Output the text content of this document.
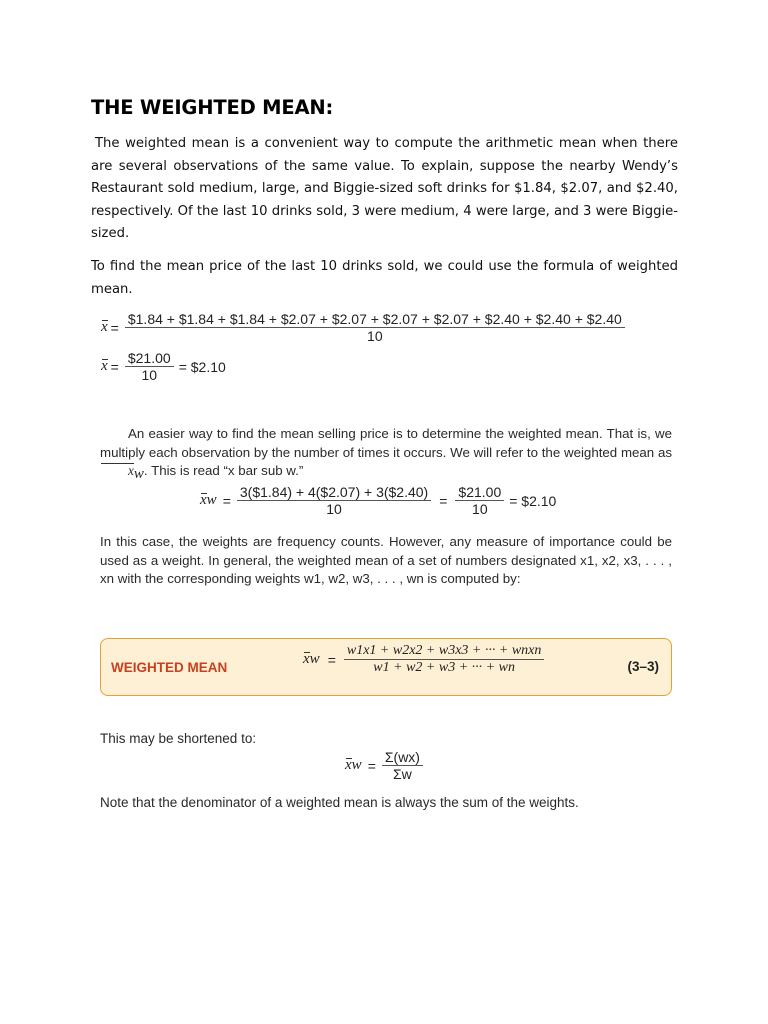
THE WEIGHTED MEAN:

The weighted mean is a convenient way to compute the arithmetic mean when there are several observations of the same value. To explain, suppose the nearby Wendy’s Restaurant sold medium, large, and Biggie-sized soft drinks for $1.84, $2.07, and $2.40, respectively. Of the last 10 drinks sold, 3 were medium, 4 were large, and 3 were Biggie-sized.

To find the mean price of the last 10 drinks sold, we could use the formula of weighted mean.

x =
$1.84 + $1.84 + $1.84 + $2.07 + $2.07 + $2.07 + $2.07 + $2.40 + $2.40 + $2.40
10
$x = \frac{\$21.00}{10}$ = $2.10

An easier way to find the mean selling price is to determine the weighted mean. That is, we multiply each observation by the number of times it occurs. We will refer to the weighted mean as $x_w$. This is read “x bar sub w.”

x $w = \frac{3(\$1.84) + 4(\$2.07) + 3(\$2.40)}{10} = \frac{\$21.00}{10}$ = $2.10

In this case, the weights are frequency counts. However, any measure of importance could be used as a weight. In general, the weighted mean of a set of numbers designated x1, x2, x3, . . . , xn with the corresponding weights w1, w2, w3, . . . , wn is computed by:

WEIGHTED MEAN
x $w = \frac{\text{w1x1 + w2x2 + w3x3 + ··· + wnxn}}{w1 + w2 + w3 + \cdot\cdot\cdot + wn}$	(3–3)
This may be shortened to:
x $w = \frac{\Sigma(wx)}{\Sigma w}$
Note that the denominator of a weighted mean is always the sum of the weights.
